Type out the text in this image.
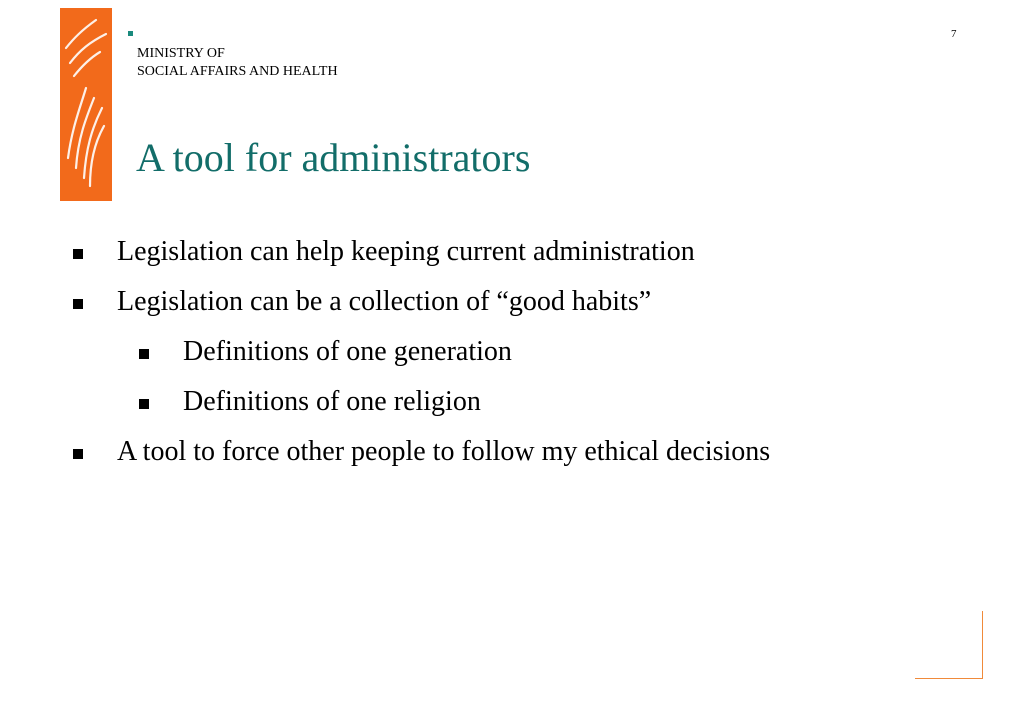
MINISTRY OF
SOCIAL AFFAIRS AND HEALTH
7
A tool for administrators
Legislation can help keeping current administration
Legislation can be a collection of “good habits”
Definitions of one generation
Definitions of one religion
A tool to force other people to follow my ethical decisions
